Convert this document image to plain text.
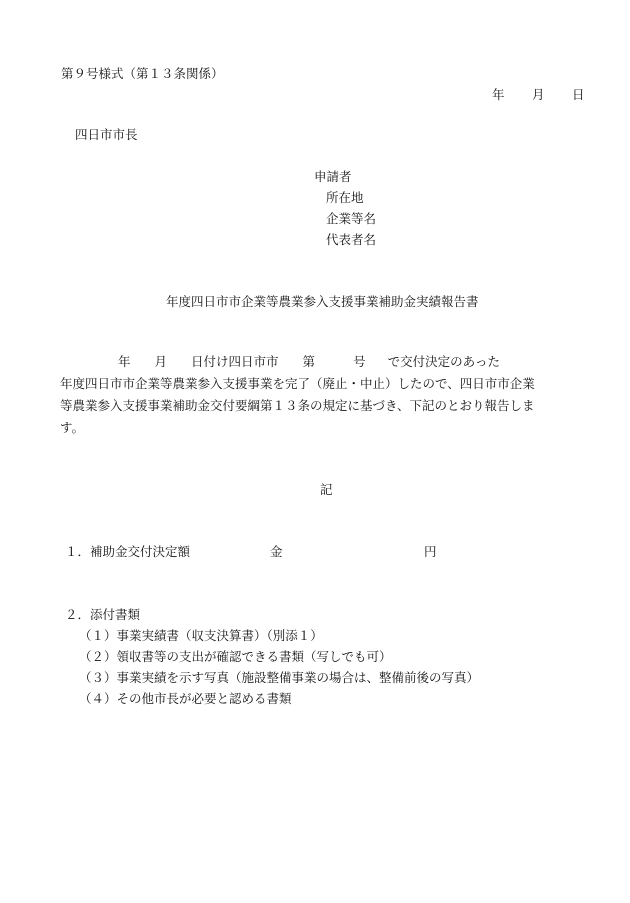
第９号様式（第１３条関係）
年 月 日
四日市市長
申請者
所在地
企業等名
代表者名
年度四日市市企業等農業参入支援事業補助金実績報告書
年 月 日付け四日市市 第	号 で交付決定のあった
年度四日市市企業等農業参入支援事業を完了（廃止・中止）したので、四日市市企業
等農業参入支援事業補助金交付要綱第１３条の規定に基づき、下記のとおり報告しま
す。
記
１．補助金交付決定額	金	円
２．添付書類
（１）事業実績書（収支決算書）（別添１）
（２）領収書等の支出が確認できる書類（写しでも可）
（３）事業実績を示す写真（施設整備事業の場合は、整備前後の写真）
（４）その他市長が必要と認める書類
